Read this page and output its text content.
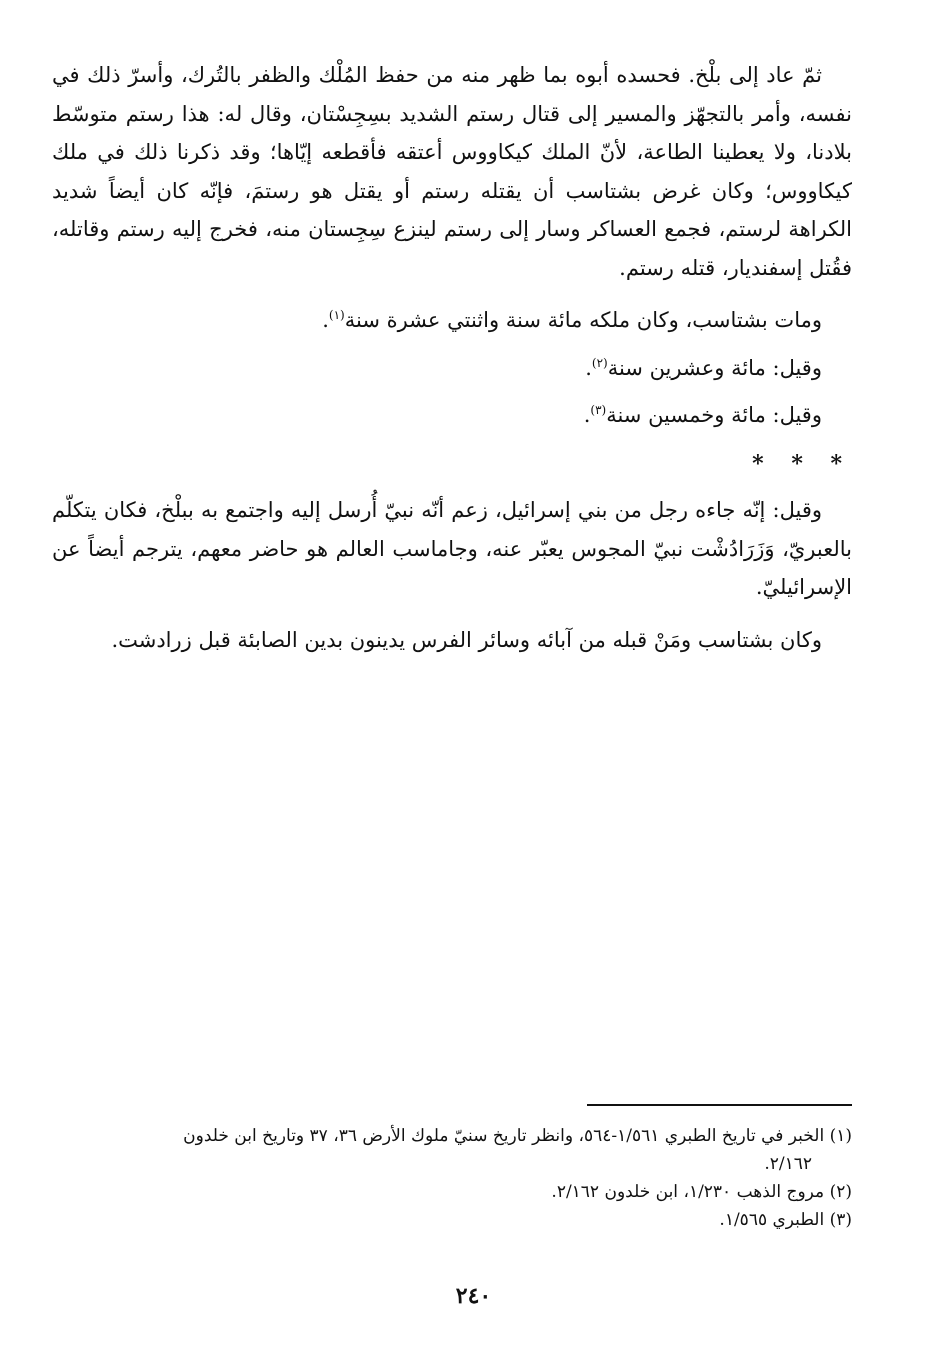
ثمّ عاد إلى بلْخ. فحسده أبوه بما ظهر منه من حفظ المُلْك والظفر بالتُرك، وأسرّ ذلك في نفسه، وأمر بالتجهّز والمسير إلى قتال رستم الشديد بسِجِسْتان، وقال له: هذا رستم متوسّط بلادنا، ولا يعطينا الطاعة، لأنّ الملك كيكاووس أعتقه فأقطعه إيّاها؛ وقد ذكرنا ذلك في ملك كيكاووس؛ وكان غرض بشتاسب أن يقتله رستم أو يقتل هو رستمَ، فإنّه كان أيضاً شديد الكراهة لرستم، فجمع العساكر وسار إلى رستم لينزع سِجِستان منه، فخرج إليه رستم وقاتله، فقُتل إسفنديار، قتله رستم.

ومات بشتاسب، وكان ملكه مائة سنة واثنتي عشرة سنة$^{(١)}$.

وقيل: مائة وعشرين سنة$^{(٢)}$.

وقيل: مائة وخمسين سنة$^{(٣)}$.

* * *

وقيل: إنّه جاءه رجل من بني إسرائيل، زعم أنّه نبيّ أُرسل إليه واجتمع به ببلْخ، فكان يتكلّم بالعبريّ، وَزَرَادُشْت نبيّ المجوس يعبّر عنه، وجاماسب العالم هو حاضر معهم، يترجم أيضاً عن الإسرائيليّ.

وكان بشتاسب ومَنْ قبله من آبائه وسائر الفرس يدينون بدين الصابئة قبل زرادشت.

(١) الخبر في تاريخ الطبري ١/٥٦١-٥٦٤، وانظر تاريخ سنيّ ملوك الأرض ٣٦، ٣٧ وتاريخ ابن خلدون

٢/١٦٢.

(٢) مروج الذهب ١/٢٣٠، ابن خلدون ٢/١٦٢.

(٣) الطبري ١/٥٦٥.

٢٤٠
